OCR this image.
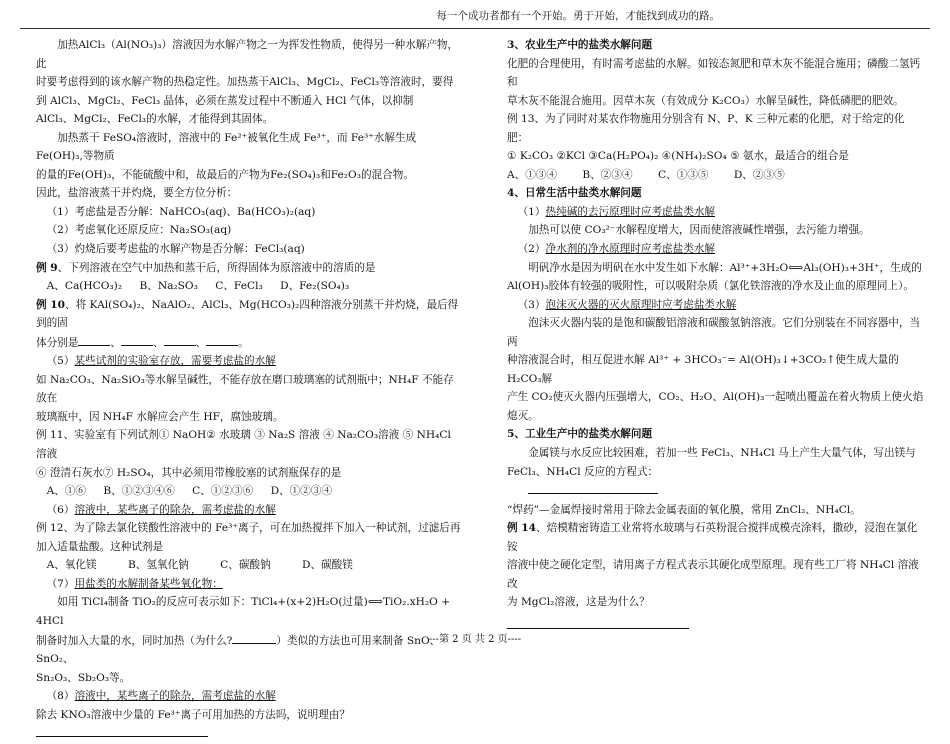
每一个成功者都有一个开始。勇于开始，才能找到成功的路。

加热AlCl₃（Al(NO₃)₃）溶液因为水解产物之一为挥发性物质，使得另一种水解产物，此

时要考虑得到的该水解产物的热稳定性。加热蒸干AlCl₃、MgCl₂、FeCl₃等溶液时，要得

到 AlCl₃、MgCl₂、FeCl₃ 晶体，必须在蒸发过程中不断通入 HCl 气体，以抑制

AlCl₃、MgCl₂、FeCl₃的水解，才能得到其固体。

加热蒸干 FeSO₄溶液时，溶液中的 Fe²⁺被氧化生成 Fe³⁺，而 Fe³⁺水解生成 Fe(OH)₃,等物质

的量的Fe(OH)₃，不能硫酸中和，故最后的产物为Fe₂(SO₄)₃和Fe₂O₃的混合物。

因此，盐溶液蒸干并灼烧，要全方位分析：

（1）考虑盐是否分解：NaHCO₃(aq)、Ba(HCO₃)₂(aq)

（2）考虑氧化还原反应：Na₂SO₃(aq)

（3）灼烧后要考虑盐的水解产物是否分解：FeCl₃(aq)

例 9、下列溶液在空气中加热和蒸干后，所得固体为原溶液中的溶质的是

A、Ca(HCO₃)₂ B、Na₂SO₃ C、FeCl₃ D、Fe₂(SO₄)₃

例 10、将 KAl(SO₄)₂、NaAlO₂、AlCl₃、Mg(HCO₃)₂四种溶液分别蒸干并灼烧，最后得到的固

体分别是	、	、	、	。

（5）某些试剂的实验室存放，需要考虑盐的水解

如 Na₂CO₃、Na₂SiO₃等水解呈碱性，不能存放在磨口玻璃塞的试剂瓶中；NH₄F 不能存放在

玻璃瓶中，因 NH₄F 水解应会产生 HF，腐蚀玻璃。

例 11、实验室有下列试剂① NaOH② 水玻璃 ③ Na₂S 溶液 ④ Na₂CO₃溶液 ⑤ NH₄Cl 溶液

⑥ 澄清石灰水⑦ H₂SO₄，其中必须用带橡胶塞的试剂瓶保存的是

A、①⑥ B、①②③④⑥ C、①②③⑥ D、①②③④

（6）溶液中，某些离子的除杂，需考虑盐的水解

例 12、为了除去氯化镁酸性溶液中的 Fe³⁺离子，可在加热搅拌下加入一种试剂，过滤后再

加入适量盐酸。这种试剂是

A、氧化镁	B、氢氧化钠	C、碳酸钠	D、碳酸镁

（7）用盐类的水解制备某些氧化物：

如用 TiCl₄制备 TiO₂的反应可表示如下：TiCl₄+(x+2)H₂O(过量)⟺TiO₂.xH₂O + 4HCl

制备时加入大量的水，同时加热（为什么?	）类似的方法也可用来制备 SnO、SnO₂、

Sn₂O₃、Sb₂O₃等。

（8）溶液中，某些离子的除杂，需考虑盐的水解

除去 KNO₃溶液中少量的 Fe³⁺离子可用加热的方法吗，说明理由？

3、农业生产中的盐类水解问题

化肥的合理使用，有时需考虑盐的水解。如铵态氮肥和草木灰不能混合施用；磷酸二氢钙和

草木灰不能混合施用。因草木灰（有效成分 K₂CO₃）水解呈碱性，降低磷肥的肥效。

例 13、为了同时对某农作物施用分别含有 N、P、K 三种元素的化肥，对于给定的化肥：

① K₂CO₃ ②KCl ③Ca(H₂PO₄)₂ ④(NH₄)₂SO₄ ⑤ 氨水，最适合的组合是

A、①③④ B、②③④ C、①③⑤ D、②③⑤

4、日常生活中盐类水解问题

（1）热纯碱的去污原理时应考虑盐类水解

加热可以使 CO₃²⁻水解程度增大，因而使溶液碱性增强，去污能力增强。

（2）净水剂的净水原理时应考虑盐类水解

明矾净水是因为明矾在水中发生如下水解：Al³⁺+3H₂O⟺Al₃(OH)₃+3H⁺，生成的

Al(OH)₃胶体有较强的吸附性，可以吸附杂质（氯化铁溶液的净水及止血的原理同上）。

（3）泡沫灭火器的灭火原理时应考虑盐类水解

泡沫灭火器内装的是饱和碳酸铝溶液和碳酸氢钠溶液。它们分别装在不同容器中，当两

种溶液混合时，相互促进水解 Al³⁺ + 3HCO₃⁻= Al(OH)₃↓+3CO₂↑使生成大量的 H₂CO₃解

产生 CO₂使灭火器内压强增大，CO₂、H₂O、Al(OH)₃一起喷出覆盖在着火物质上使火焰

熄灭。

5、工业生产中的盐类水解问题

金属镁与水反应比较困难，若加一些 FeCl₃、NH₄Cl 马上产生大量气体，写出镁与

FeCl₃、NH₄Cl 反应的方程式：

“焊药”—金属焊接时常用于除去金属表面的氧化膜，常用 ZnCl₂、NH₄Cl。

例 14、焙模精密铸造工业常将水玻璃与石英粉混合搅拌成模壳涂料，撒砂，浸泡在氯化铵

溶液中使之硬化定型，请用离子方程式表示其硬化成型原理。现有些工厂将 NH₄Cl 溶液改

为 MgCl₂溶液，这是为什么？

---第 2 页 共 2 页----
